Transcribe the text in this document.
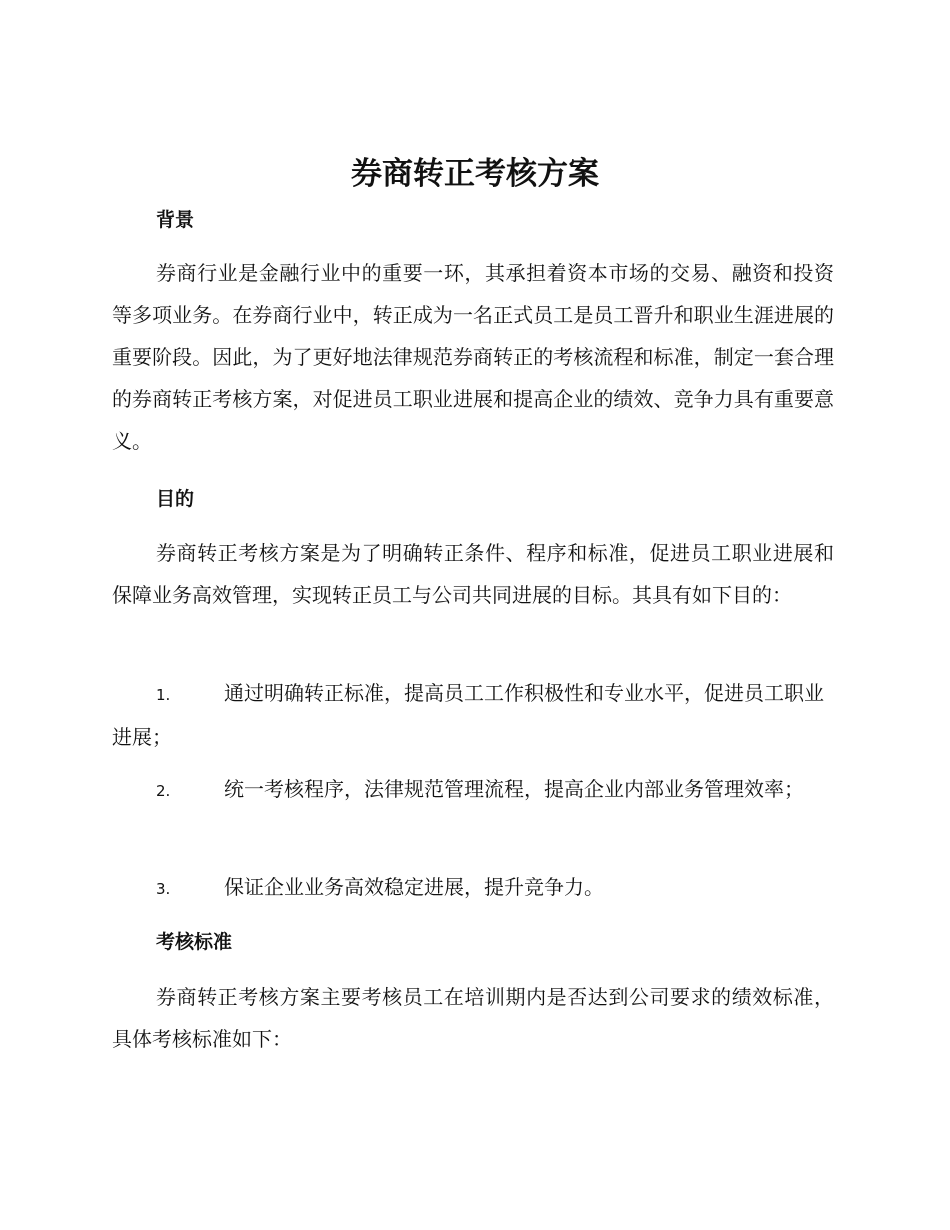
券商转正考核方案
背景

券商行业是金融行业中的重要一环，其承担着资本市场的交易、融资和投资等多项业务。在券商行业中，转正成为一名正式员工是员工晋升和职业生涯进展的重要阶段。因此，为了更好地法律规范券商转正的考核流程和标准，制定一套合理的券商转正考核方案，对促进员工职业进展和提高企业的绩效、竞争力具有重要意义。

目的

券商转正考核方案是为了明确转正条件、程序和标准，促进员工职业进展和保障业务高效管理，实现转正员工与公司共同进展的目标。其具有如下目的：

1.	通过明确转正标准，提高员工工作积极性和专业水平，促进员工职业进展；

2.	统一考核程序，法律规范管理流程，提高企业内部业务管理效率；

3.	保证企业业务高效稳定进展，提升竞争力。

考核标准

券商转正考核方案主要考核员工在培训期内是否达到公司要求的绩效标准，具体考核标准如下：
